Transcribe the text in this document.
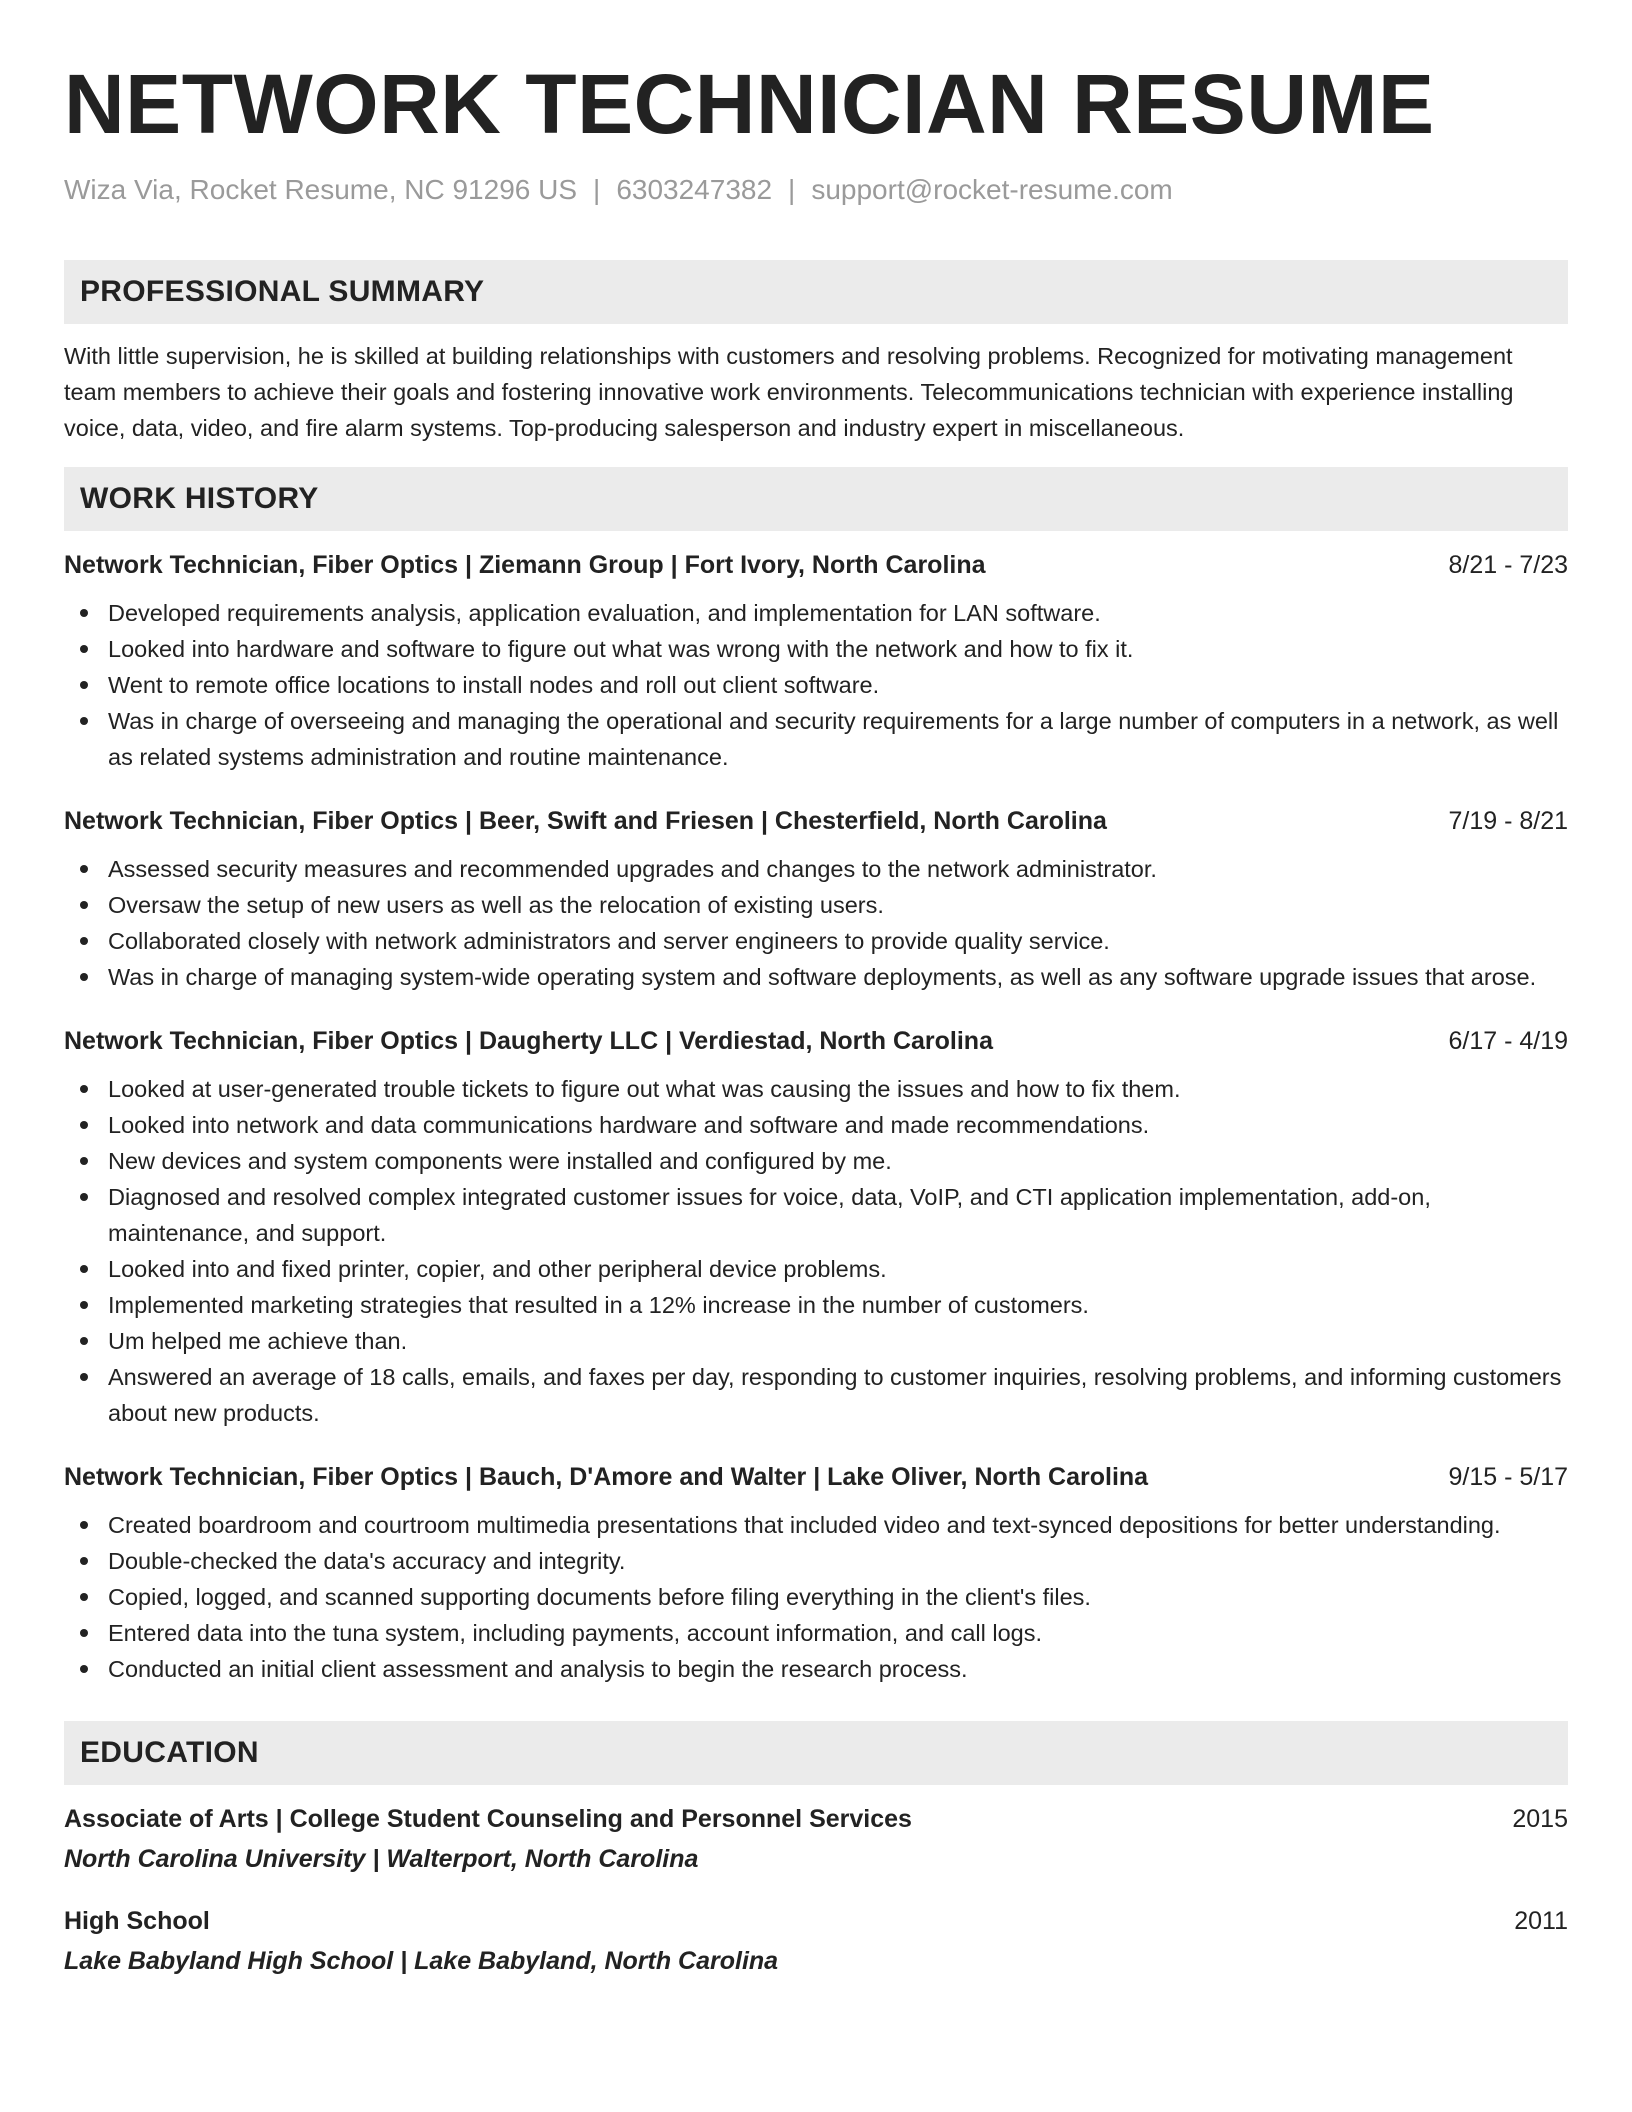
NETWORK TECHNICIAN RESUME
Wiza Via, Rocket Resume, NC 91296 US | 6303247382 | support@rocket-resume.com
PROFESSIONAL SUMMARY

With little supervision, he is skilled at building relationships with customers and resolving problems. Recognized for motivating management team members to achieve their goals and fostering innovative work environments. Telecommunications technician with experience installing voice, data, video, and fire alarm systems. Top-producing salesperson and industry expert in miscellaneous.

WORK HISTORY
Network Technician, Fiber Optics | Ziemann Group | Fort Ivory, North Carolina	8/21 - 7/23
Developed requirements analysis, application evaluation, and implementation for LAN software.
Looked into hardware and software to figure out what was wrong with the network and how to fix it.
Went to remote office locations to install nodes and roll out client software.
Was in charge of overseeing and managing the operational and security requirements for a large number of computers in a network, as well as related systems administration and routine maintenance.
Network Technician, Fiber Optics | Beer, Swift and Friesen | Chesterfield, North Carolina	7/19 - 8/21
Assessed security measures and recommended upgrades and changes to the network administrator.
Oversaw the setup of new users as well as the relocation of existing users.
Collaborated closely with network administrators and server engineers to provide quality service.
Was in charge of managing system-wide operating system and software deployments, as well as any software upgrade issues that arose.
Network Technician, Fiber Optics | Daugherty LLC | Verdiestad, North Carolina	6/17 - 4/19
Looked at user-generated trouble tickets to figure out what was causing the issues and how to fix them.
Looked into network and data communications hardware and software and made recommendations.
New devices and system components were installed and configured by me.
Diagnosed and resolved complex integrated customer issues for voice, data, VoIP, and CTI application implementation, add-on, maintenance, and support.
Looked into and fixed printer, copier, and other peripheral device problems.
Implemented marketing strategies that resulted in a 12% increase in the number of customers.
Um helped me achieve than.
Answered an average of 18 calls, emails, and faxes per day, responding to customer inquiries, resolving problems, and informing customers about new products.
Network Technician, Fiber Optics | Bauch, D'Amore and Walter | Lake Oliver, North Carolina	9/15 - 5/17
Created boardroom and courtroom multimedia presentations that included video and text-synced depositions for better understanding.
Double-checked the data's accuracy and integrity.
Copied, logged, and scanned supporting documents before filing everything in the client's files.
Entered data into the tuna system, including payments, account information, and call logs.
Conducted an initial client assessment and analysis to begin the research process.
EDUCATION
Associate of Arts | College Student Counseling and Personnel Services	2015
North Carolina University | Walterport, North Carolina
High School	2011
Lake Babyland High School | Lake Babyland, North Carolina
